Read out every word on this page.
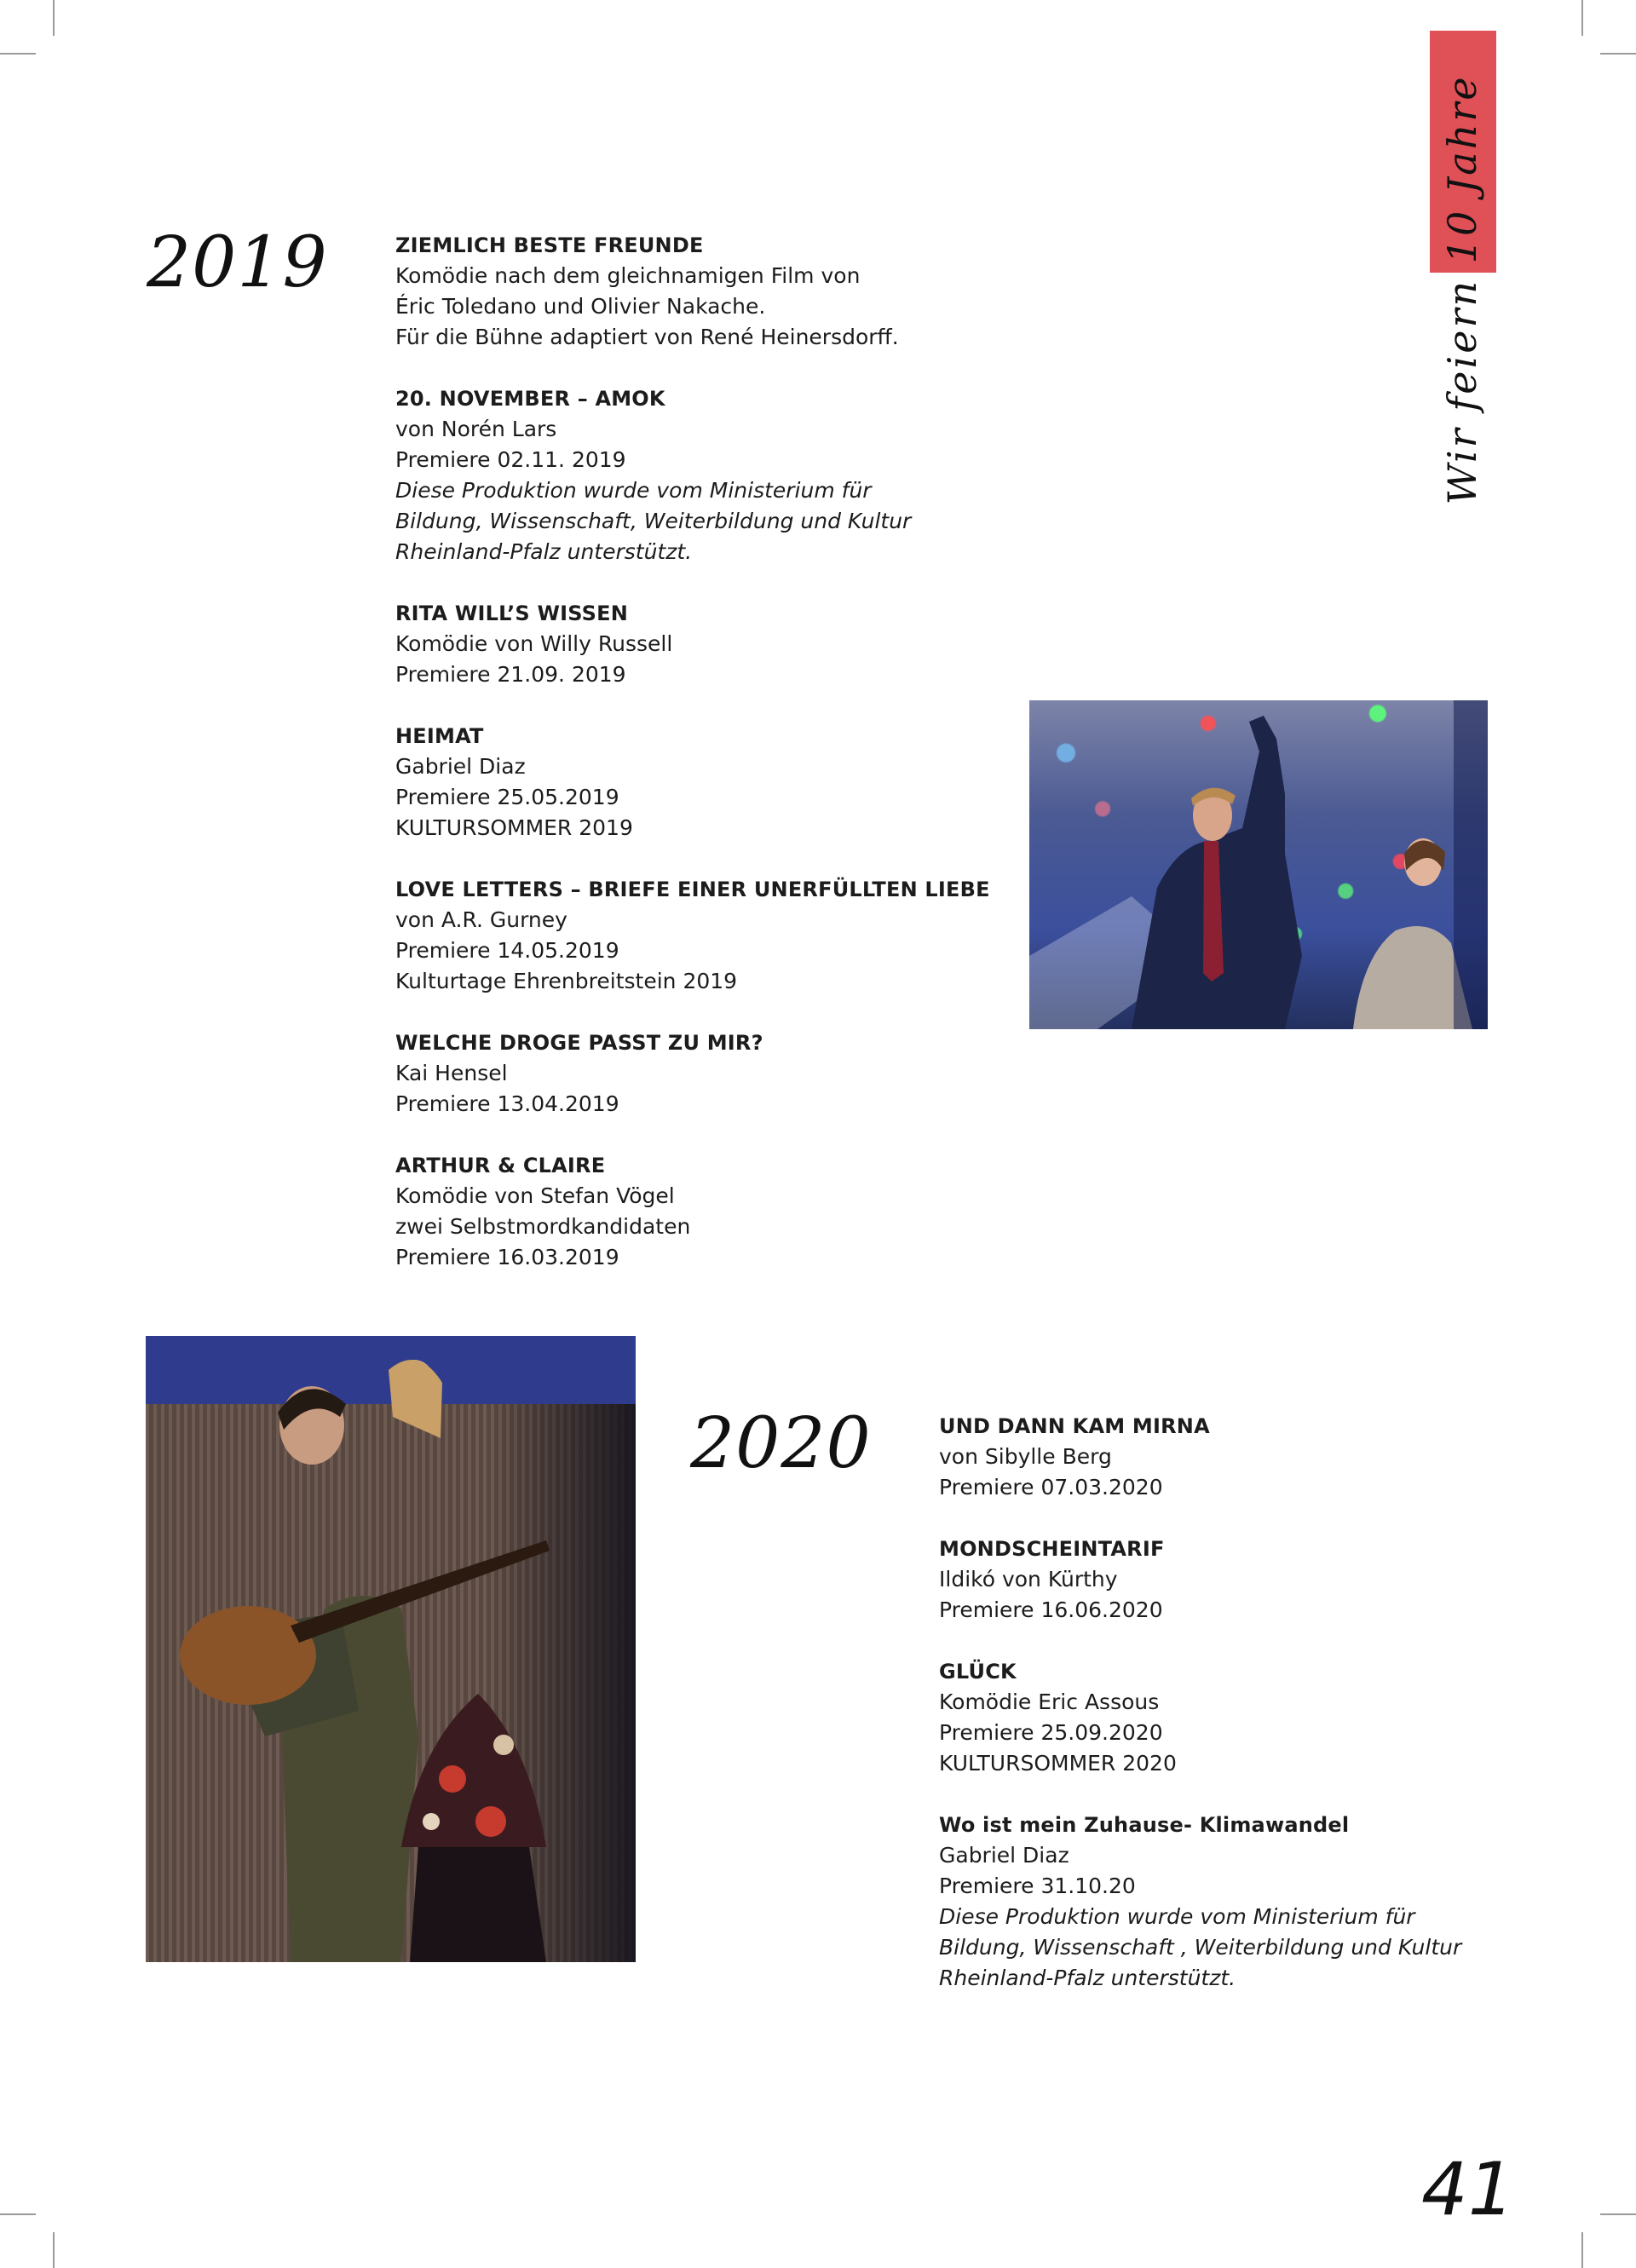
Wir feiern 10 Jahre
2019	ZIEMLICH BESTE FREUNDE
Komödie nach dem gleichnamigen Film von
Éric Toledano und Olivier Nakache.
Für die Bühne adaptiert von René Heinersdorff.
20. NOVEMBER – AMOK
von Norén Lars
Premiere 02.11. 2019
Diese Produktion wurde vom Ministerium für
Bildung, Wissenschaft, Weiterbildung und Kultur
Rheinland-Pfalz unterstützt.
RITA WILL’S WISSEN
Komödie von Willy Russell
Premiere 21.09. 2019
HEIMAT
Gabriel Diaz
Premiere 25.05.2019
KULTURSOMMER 2019
LOVE LETTERS – BRIEFE EINER UNERFÜLLTEN LIEBE
von A.R. Gurney
Premiere 14.05.2019
Kulturtage Ehrenbreitstein 2019
WELCHE DROGE PASST ZU MIR?
Kai Hensel
Premiere 13.04.2019
ARTHUR & CLAIRE
Komödie von Stefan Vögel
zwei Selbstmordkandidaten
Premiere 16.03.2019
2020	UND DANN KAM MIRNA
von Sibylle Berg
Premiere 07.03.2020
MONDSCHEINTARIF
Ildikó von Kürthy
Premiere 16.06.2020
GLÜCK
Komödie Eric Assous
Premiere 25.09.2020
KULTURSOMMER 2020
Wo ist mein Zuhause- Klimawandel
Gabriel Diaz
Premiere 31.10.20
Diese Produktion wurde vom Ministerium für
Bildung, Wissenschaft , Weiterbildung und Kultur
Rheinland-Pfalz unterstützt.
41
